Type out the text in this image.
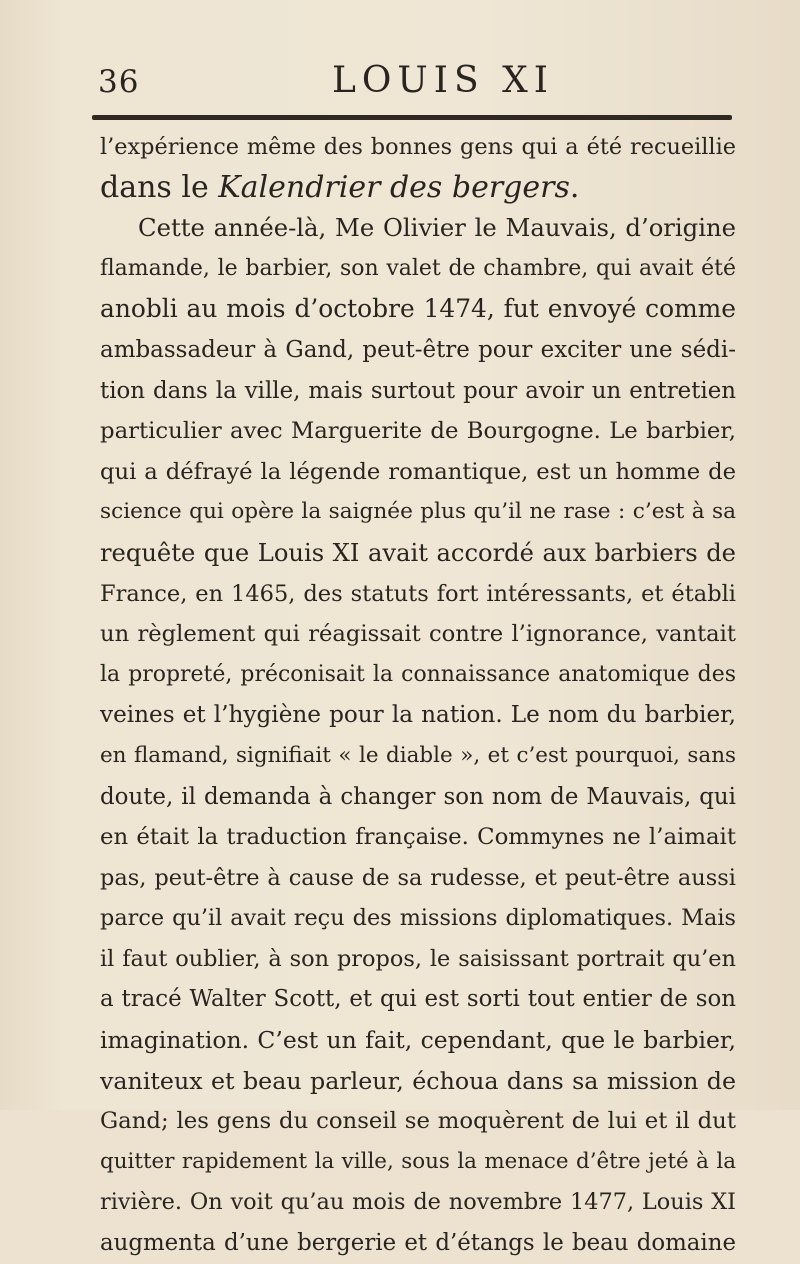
36	LOUIS XI
l’expérience même des bonnes gens qui a été recueillie
dans le Kalendrier des bergers.
Cette année-là, Me Olivier le Mauvais, d’origine
flamande, le barbier, son valet de chambre, qui avait été
anobli au mois d’octobre 1474, fut envoyé comme
ambassadeur à Gand, peut-être pour exciter une sédi-
tion dans la ville, mais surtout pour avoir un entretien
particulier avec Marguerite de Bourgogne. Le barbier,
qui a défrayé la légende romantique, est un homme de
science qui opère la saignée plus qu’il ne rase : c’est à sa
requête que Louis XI avait accordé aux barbiers de
France, en 1465, des statuts fort intéressants, et établi
un règlement qui réagissait contre l’ignorance, vantait
la propreté, préconisait la connaissance anatomique des
veines et l’hygiène pour la nation. Le nom du barbier,
en flamand, signifiait « le diable », et c’est pourquoi, sans
doute, il demanda à changer son nom de Mauvais, qui
en était la traduction française. Commynes ne l’aimait
pas, peut-être à cause de sa rudesse, et peut-être aussi
parce qu’il avait reçu des missions diplomatiques. Mais
il faut oublier, à son propos, le saisissant portrait qu’en
a tracé Walter Scott, et qui est sorti tout entier de son
imagination. C’est un fait, cependant, que le barbier,
vaniteux et beau parleur, échoua dans sa mission de
Gand; les gens du conseil se moquèrent de lui et il dut
quitter rapidement la ville, sous la menace d’être jeté à la
rivière. On voit qu’au mois de novembre 1477, Louis XI
augmenta d’une bergerie et d’étangs le beau domaine
